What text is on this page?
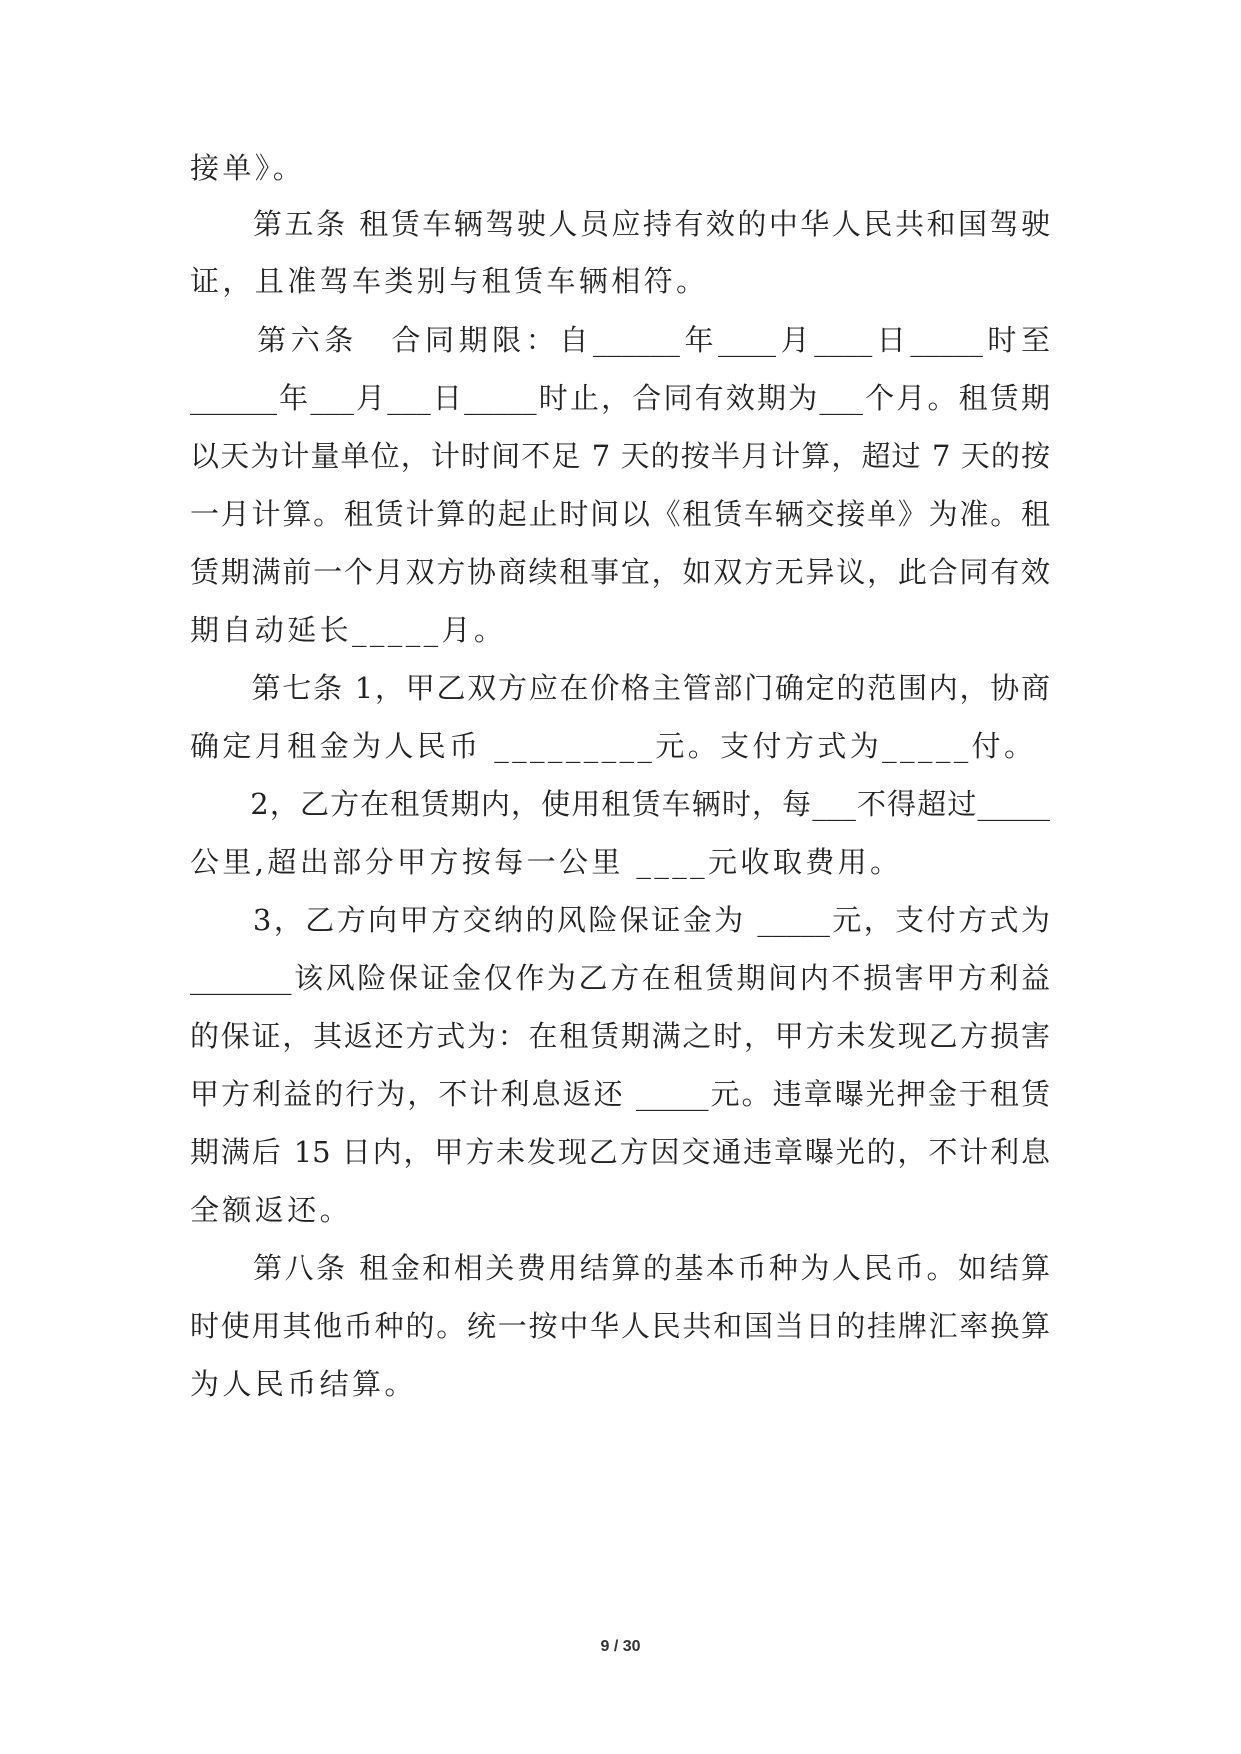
接单》。
　　第五条 租赁车辆驾驶人员应持有效的中华人民共和国驾驶
证，且准驾车类别与租赁车辆相符。
　　第六条　合同期限：自______年____月____日_____时至
______年___月___日_____时止，合同有效期为___个月。租赁期
以天为计量单位，计时间不足 7 天的按半月计算，超过 7 天的按
一月计算。租赁计算的起止时间以《租赁车辆交接单》为准。租
赁期满前一个月双方协商续租事宜，如双方无异议，此合同有效
期自动延长_____月。
　　第七条 1，甲乙双方应在价格主管部门确定的范围内，协商
确定月租金为人民币 _________元。支付方式为_____付。
　　2，乙方在租赁期内，使用租赁车辆时，每___不得超过_____
公里,超出部分甲方按每一公里 ____元收取费用。
　　3，乙方向甲方交纳的风险保证金为 _____元，支付方式为
_______该风险保证金仅作为乙方在租赁期间内不损害甲方利益
的保证，其返还方式为：在租赁期满之时，甲方未发现乙方损害
甲方利益的行为，不计利息返还 _____元。违章曝光押金于租赁
期满后 15 日内，甲方未发现乙方因交通违章曝光的，不计利息
全额返还。
　　第八条 租金和相关费用结算的基本币种为人民币。如结算
时使用其他币种的。统一按中华人民共和国当日的挂牌汇率换算
为人民币结算。
9 / 30
